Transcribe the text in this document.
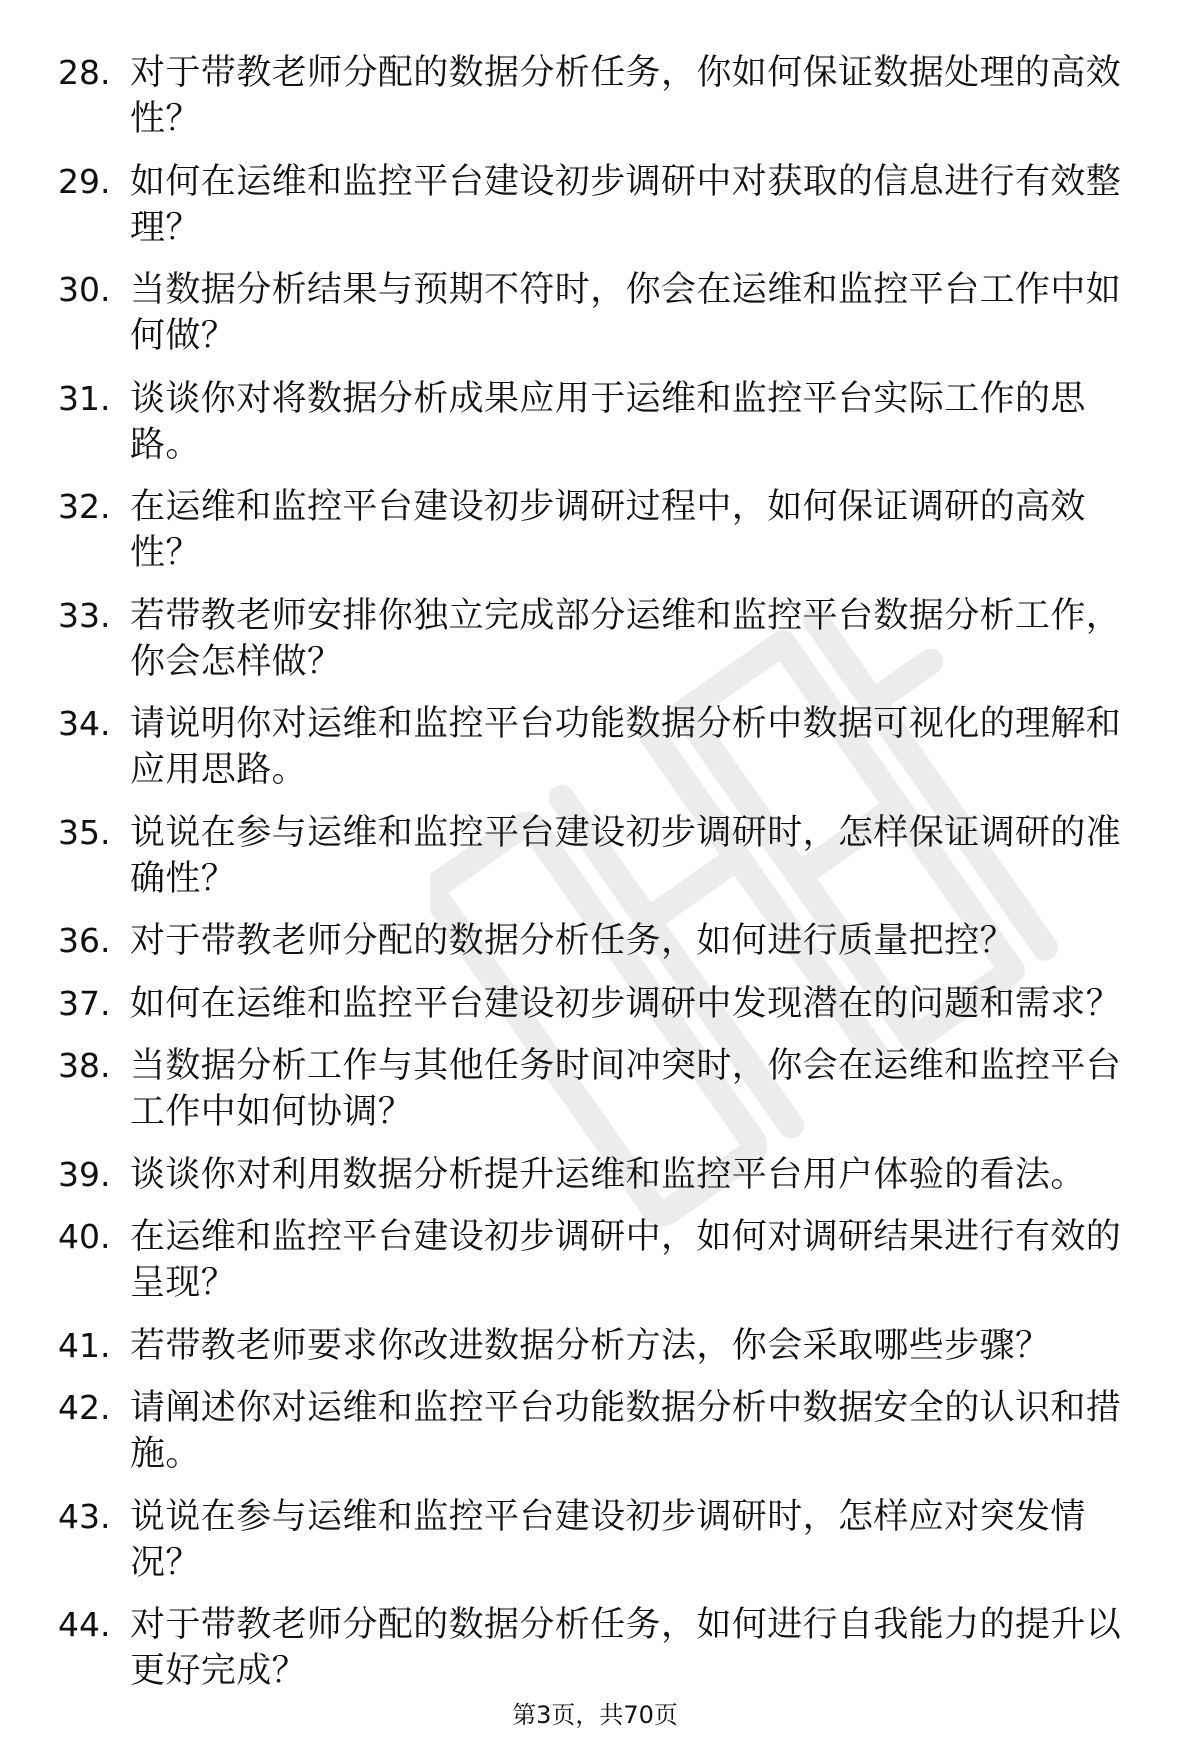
28. 对于带教老师分配的数据分析任务，你如何保证数据处理的高效性？
29. 如何在运维和监控平台建设初步调研中对获取的信息进行有效整理？
30. 当数据分析结果与预期不符时，你会在运维和监控平台工作中如何做？
31. 谈谈你对将数据分析成果应用于运维和监控平台实际工作的思路。
32. 在运维和监控平台建设初步调研过程中，如何保证调研的高效性？
33. 若带教老师安排你独立完成部分运维和监控平台数据分析工作，你会怎样做？
34. 请说明你对运维和监控平台功能数据分析中数据可视化的理解和应用思路。
35. 说说在参与运维和监控平台建设初步调研时，怎样保证调研的准确性？
36. 对于带教老师分配的数据分析任务，如何进行质量把控？
37. 如何在运维和监控平台建设初步调研中发现潜在的问题和需求？
38. 当数据分析工作与其他任务时间冲突时，你会在运维和监控平台工作中如何协调？
39. 谈谈你对利用数据分析提升运维和监控平台用户体验的看法。
40. 在运维和监控平台建设初步调研中，如何对调研结果进行有效的呈现？
41. 若带教老师要求你改进数据分析方法，你会采取哪些步骤？
42. 请阐述你对运维和监控平台功能数据分析中数据安全的认识和措施。
43. 说说在参与运维和监控平台建设初步调研时，怎样应对突发情况？
44. 对于带教老师分配的数据分析任务，如何进行自我能力的提升以更好完成？
第3页，共70页
